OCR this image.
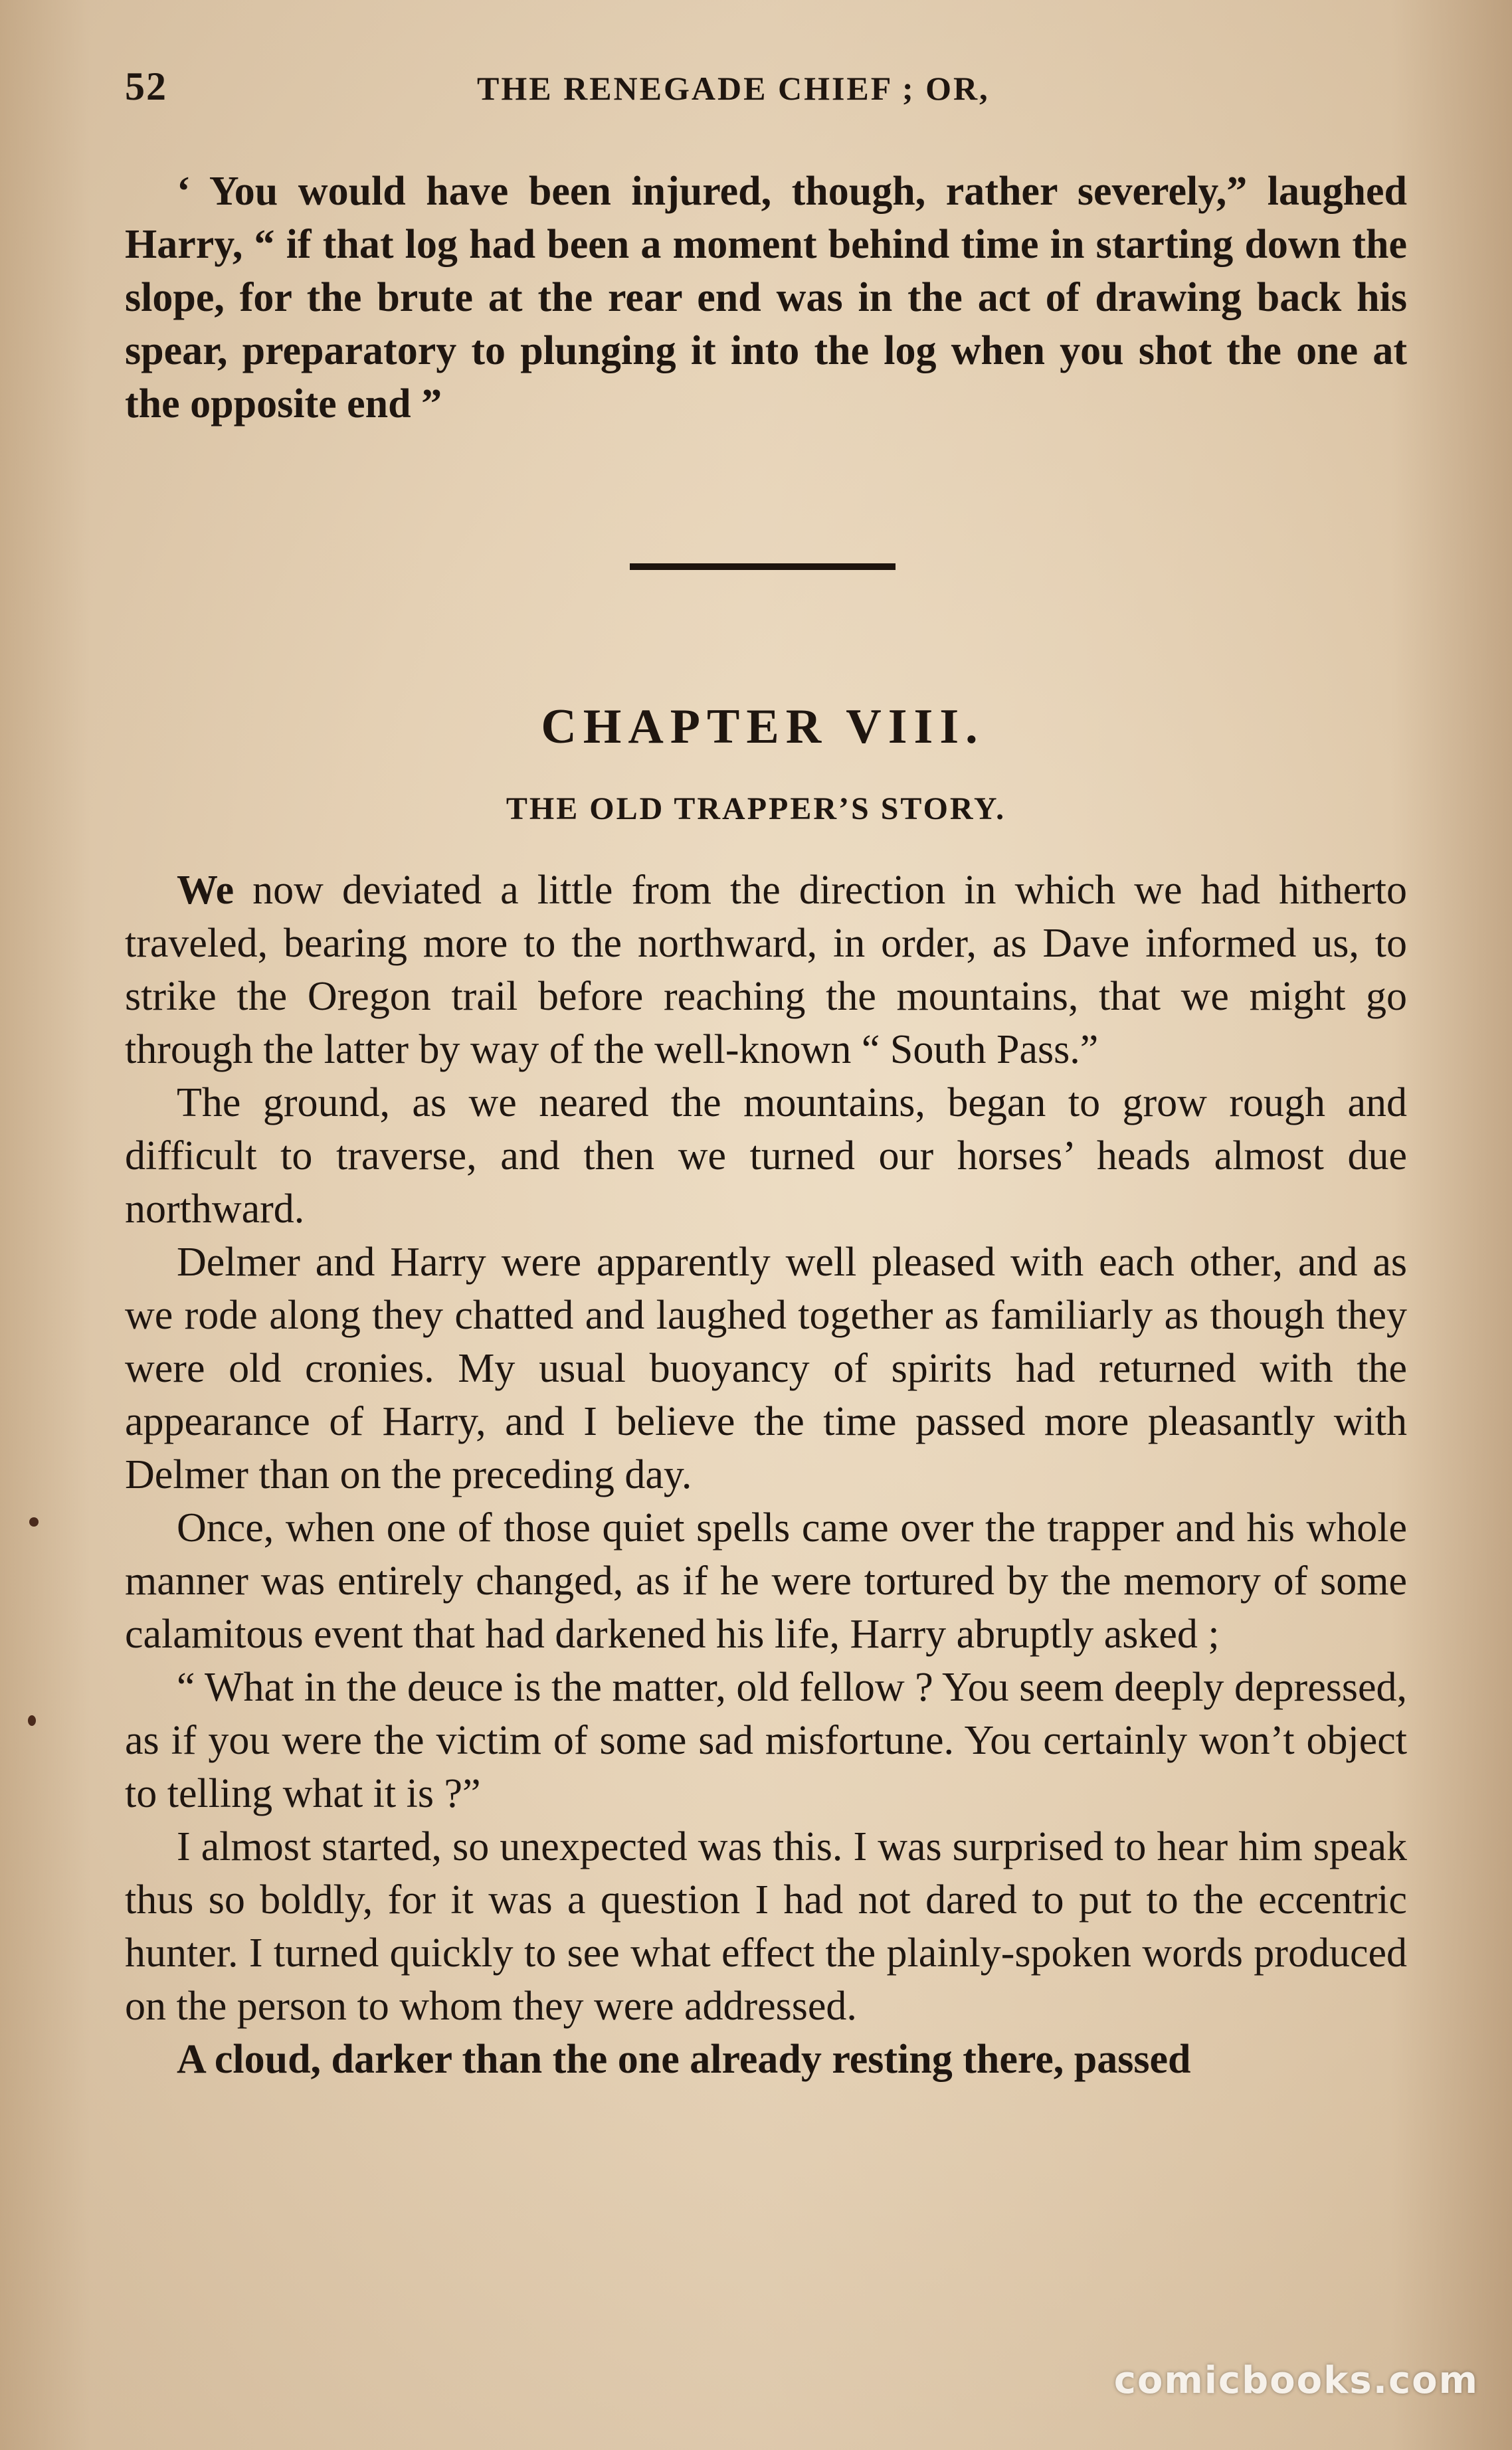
52	THE RENEGADE CHIEF ; OR,

‘ You would have been injured, though, rather severely,” laughed Harry, “ if that log had been a moment behind time in starting down the slope, for the brute at the rear end was in the act of drawing back his spear, preparatory to plunging it into the log when you shot the one at the opposite end ”

CHAPTER VIII.
THE OLD TRAPPER’S STORY.

We now deviated a little from the direction in which we had hitherto traveled, bearing more to the northward, in order, as Dave informed us, to strike the Oregon trail before reaching the mountains, that we might go through the latter by way of the well-known “ South Pass.”

The ground, as we neared the mountains, began to grow rough and difficult to traverse, and then we turned our horses’ heads almost due northward.

Delmer and Harry were apparently well pleased with each other, and as we rode along they chatted and laughed together as familiarly as though they were old cronies. My usual buoyancy of spirits had returned with the appearance of Harry, and I believe the time passed more pleasantly with Delmer than on the preceding day.

Once, when one of those quiet spells came over the trapper and his whole manner was entirely changed, as if he were tortured by the memory of some calamitous event that had darkened his life, Harry abruptly asked ;

“ What in the deuce is the matter, old fellow ? You seem deeply depressed, as if you were the victim of some sad misfortune. You certainly won’t object to telling what it is ?”

I almost started, so unexpected was this. I was surprised to hear him speak thus so boldly, for it was a question I had not dared to put to the eccentric hunter. I turned quickly to see what effect the plainly-spoken words produced on the person to whom they were addressed.

A cloud, darker than the one already resting there, passed

comicbooks.com
